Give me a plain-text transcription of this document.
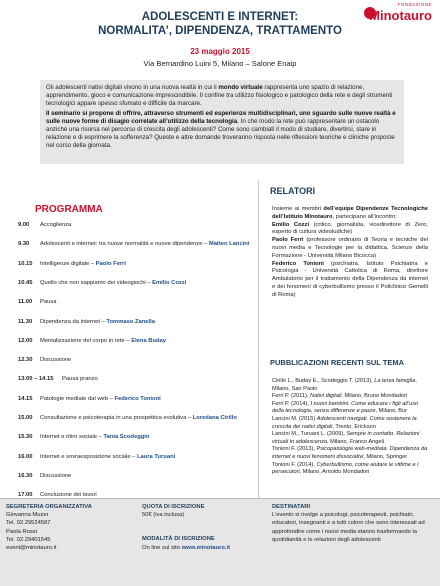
ADOLESCENTI E INTERNET:
NORMALITA’, DIPENDENZA, TRATTAMENTO
23 maggio 2015
Via Bernardino Luini 5, Milano – Salone Enaip
FONDAZIONE
Minotauro

Gli adolescenti nativi digitali vivono in una nuova realtà in cui il mondo virtuale rappresenta uno spazio di relazione, apprendimento, gioco e comunicazione imprescindibile. Il confine tra utilizzo fisiologico e patologico della rete e degli strumenti tecnologici appare spesso sfumato e difficile da marcare.

Il seminario si propone di offrire, attraverso strumenti ed esperienze multidisciplinari, uno sguardo sulle nuove realtà e sulle nuove forme di disagio correlate all’utilizzo della tecnologia. In che modo la rete può rappresentare un ostacolo anziché una risorsa nel percorso di crescita degli adolescenti? Come sono cambiati il modo di studiare, divertirsi, stare in relazione e di esprimere la sofferenza? Queste e altre domande troveranno risposta nelle riflessioni teoriche e cliniche proposte nel corso della giornata.

PROGRAMMA
9.00 Accoglienza
9.30 Adolescenti e internet: tra nuove normalità e nuove dipendenze – Matteo Lancini
10.15 Intelligenze digitale – Paolo Ferri
10.45 Quello che non sappiamo dei videogiochi – Emilio Cozzi
11.00 Pausa
11.30 Dipendenza da internet – Tommaso Zanella
12.00 Mentalizzazione del corpo in rete – Elena Buday
12.30 Discussione
13.00 – 14.15 Pausa pranzo
14.15 Patologie mediate dal web – Federico Tonioni
15.00 Consultazione e psicoterapia in una prospettiva evolutiva – Loredana Cirillo
15.30 Internet e ritiro sociale – Tania Scodeggio
16.00 Internet e sovraesposizione sociale – Laura Turuani
16.30 Discussione
17.00 Conclusione dei lavori
RELATORI

Insieme ai membri dell’equipe Dipendenze Tecnologiche dell’Istituto Minotauro, partecipano all’incontro:

Emilio Cozzi (critico, giornalista, vicedirettore di Zero, esperto di cultura videoludiche)

Paolo Ferri (professore ordinario di Teoria e tecniche dei nuovi media e Tecnologie per la didattica, Scienze della Formazione - Università Milano Bicocca)

Federico Tonioni (psichiatra, Istituto Psichiatria e Psicologia - Università Cattolica di Roma, direttore Ambulatorio per il trattamento della Dipendenza da internet e dei fenomeni di cyberbullismo presso il Policlinico Gemelli di Roma)

PUBBLICAZIONI RECENTI SUL TEMA

Cirillo L., Buday E., Scodeggio T. (2013), La terza famiglia, Milano, San Paolo

Ferri P. (2011), Nativi digitali, Milano, Bruno Mondadori

Ferri P. (2014), I nuovi bambini. Come educare i figli all’uso della tecnologia, senza differenze e paure, Milano, Bur

Lancini M. (2015) Adolescenti navigati. Come sostenere la crescita dei nativi digitali, Trento, Erickson

Lancini M., Turuani L. (2009), Sempre in contatto. Relazioni virtuali in adolescenza, Milano, Franco Angeli

Tonioni F. (2013), Psicopatologia web-mediata. Dipendenza da internet e nuovi fenomeni dissociativi, Milano, Springer

Tonioni F. (2014), Cyberbullismo, come aiutare le vittime e i persecutori, Milano, Arnoldo Mondadori

SEGRETERIA ORGANIZZATIVA
Giovanna Muzer
Tel. 02.29524587
Paola Rossi
Tel. 02.29401545
event@minotauro.it
QUOTA DI ISCRIZIONE
50€ (iva inclusa)
MODALITÀ DI ISCRIZIONE
On line sul sito www.minotauro.it
DESTINATARI
L’evento si rivolge a psicologi, psicoterapeuti, psichiatri, educatori, insegnanti e a tutti coloro che sono interessati ad approfondire come i nuovi media stanno trasformando la quotidianità e le relazioni degli adolescenti
